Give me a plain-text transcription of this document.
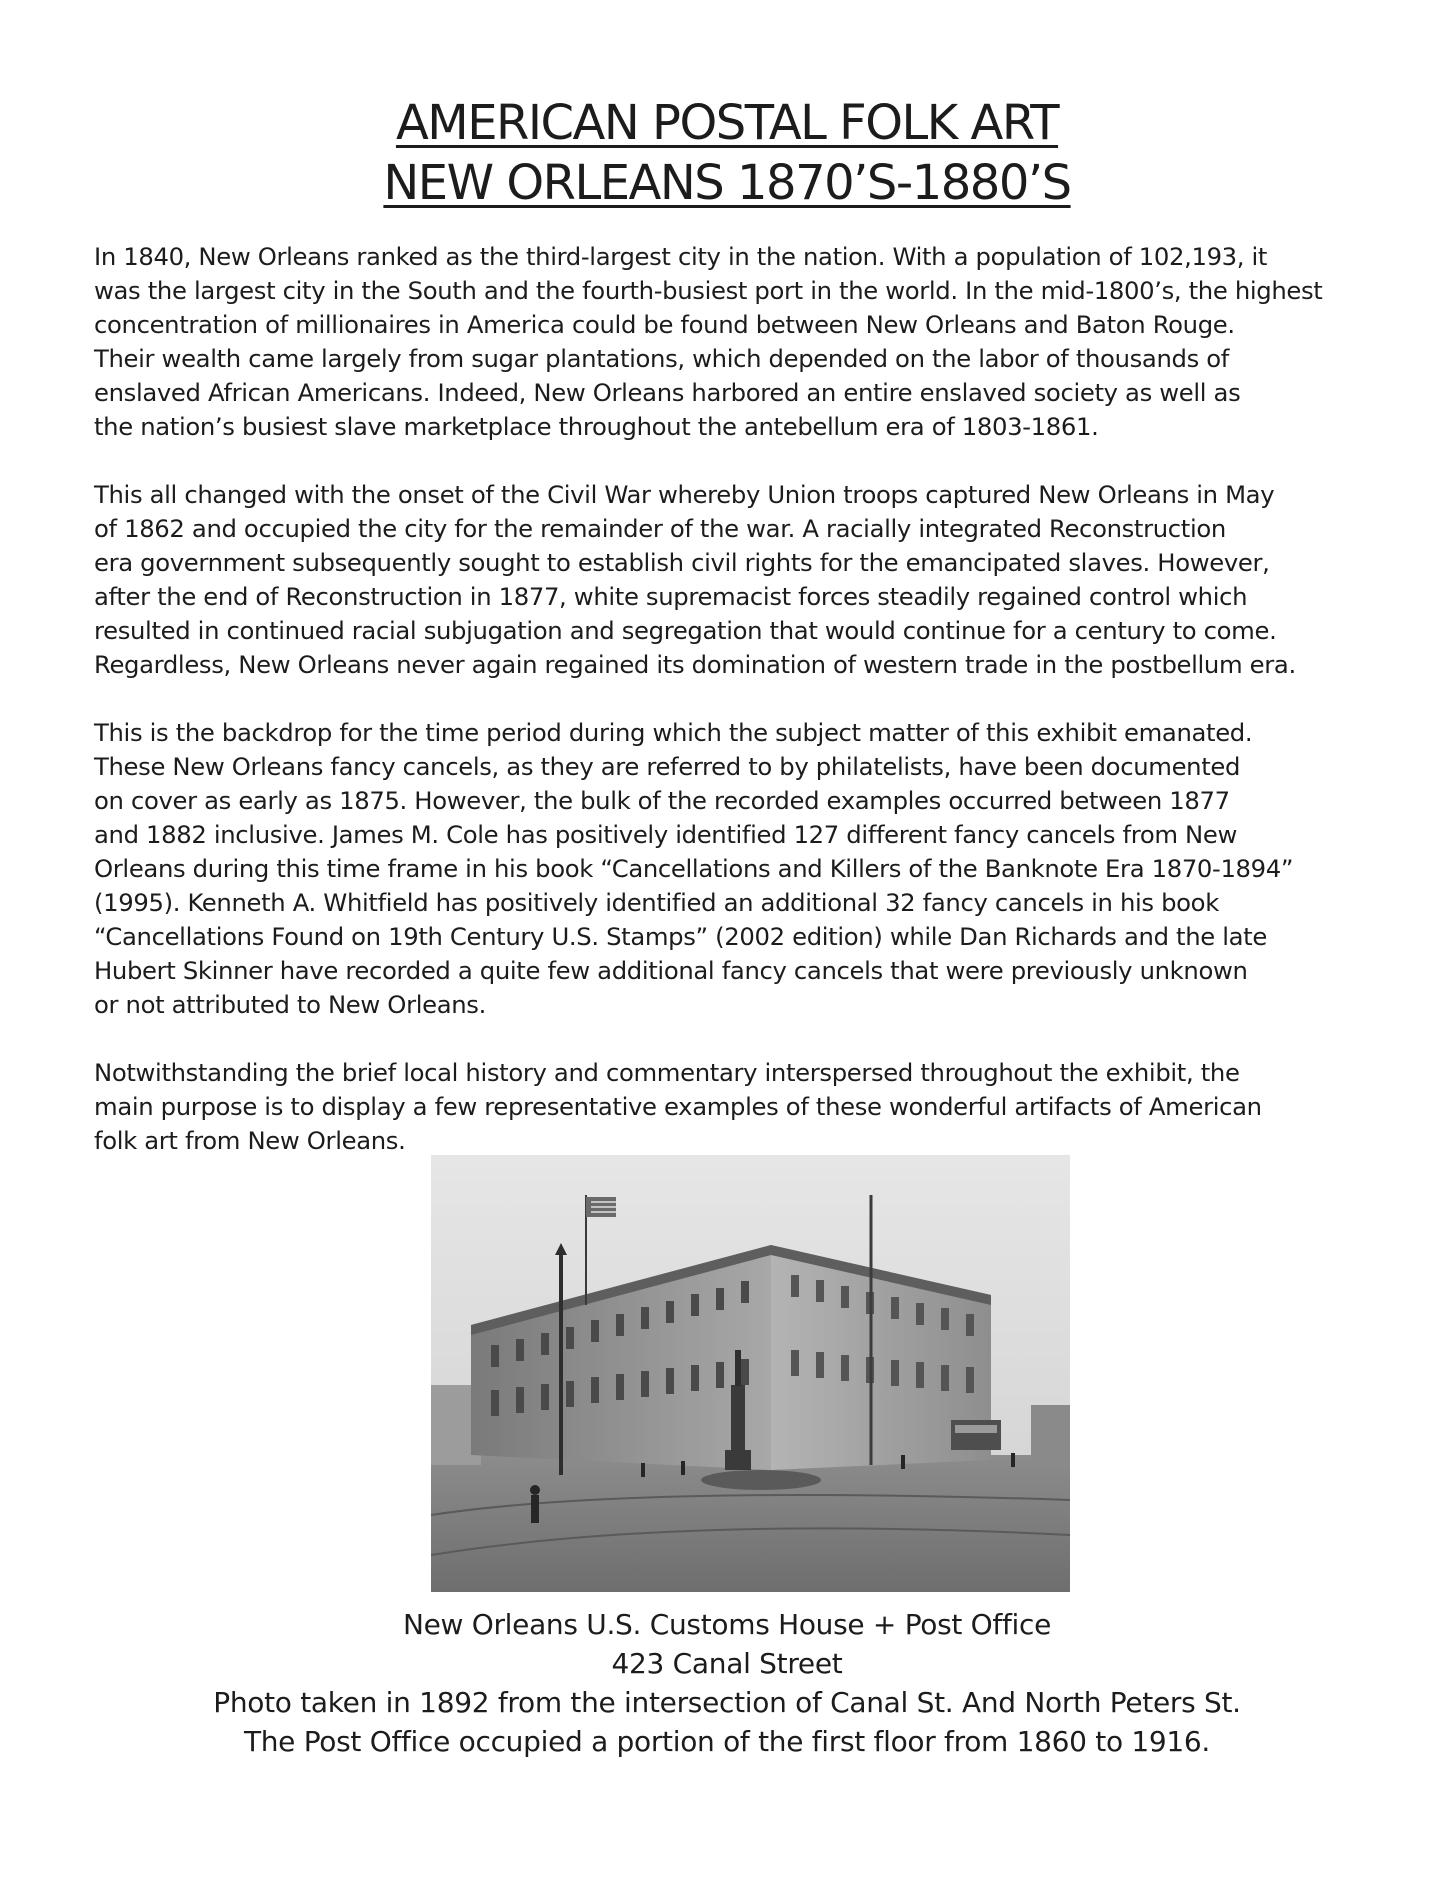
AMERICAN POSTAL FOLK ART
NEW ORLEANS 1870’S-1880’S

In 1840, New Orleans ranked as the third-largest city in the nation. With a population of 102,193, it
was the largest city in the South and the fourth-busiest port in the world. In the mid-1800’s, the highest
concentration of millionaires in America could be found between New Orleans and Baton Rouge.
Their wealth came largely from sugar plantations, which depended on the labor of thousands of
enslaved African Americans. Indeed, New Orleans harbored an entire enslaved society as well as
the nation’s busiest slave marketplace throughout the antebellum era of 1803-1861.

This all changed with the onset of the Civil War whereby Union troops captured New Orleans in May
of 1862 and occupied the city for the remainder of the war. A racially integrated Reconstruction
era government subsequently sought to establish civil rights for the emancipated slaves. However,
after the end of Reconstruction in 1877, white supremacist forces steadily regained control which
resulted in continued racial subjugation and segregation that would continue for a century to come.
Regardless, New Orleans never again regained its domination of western trade in the postbellum era.

This is the backdrop for the time period during which the subject matter of this exhibit emanated.
These New Orleans fancy cancels, as they are referred to by philatelists, have been documented
on cover as early as 1875. However, the bulk of the recorded examples occurred between 1877
and 1882 inclusive. James M. Cole has positively identified 127 different fancy cancels from New
Orleans during this time frame in his book “Cancellations and Killers of the Banknote Era 1870-1894”
(1995). Kenneth A. Whitfield has positively identified an additional 32 fancy cancels in his book
“Cancellations Found on 19th Century U.S. Stamps” (2002 edition) while Dan Richards and the late
Hubert Skinner have recorded a quite few additional fancy cancels that were previously unknown
or not attributed to New Orleans.

Notwithstanding the brief local history and commentary interspersed throughout the exhibit, the
main purpose is to display a few representative examples of these wonderful artifacts of American
folk art from New Orleans.

New Orleans U.S. Customs House + Post Office
423 Canal Street
Photo taken in 1892 from the intersection of Canal St. And North Peters St.
The Post Office occupied a portion of the first floor from 1860 to 1916.
